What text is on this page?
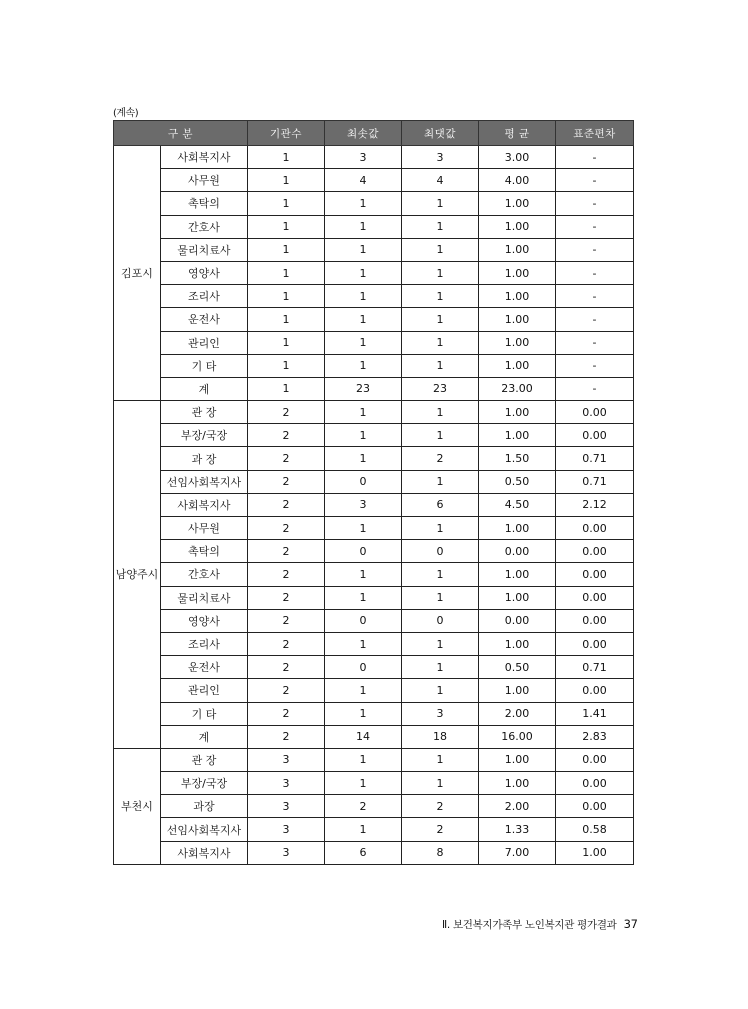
(계속)
구 분		기관수	최솟값	최댓값	평 균	표준편차
김포시	사회복지사	1	3	3	3.00	-
	사무원	1	4	4	4.00	-
	촉탁의	1	1	1	1.00	-
	간호사	1	1	1	1.00	-
	물리치료사	1	1	1	1.00	-
	영양사	1	1	1	1.00	-
	조리사	1	1	1	1.00	-
	운전사	1	1	1	1.00	-
	관리인	1	1	1	1.00	-
	기 타	1	1	1	1.00	-
	계	1	23	23	23.00	-
남양주시	관 장	2	1	1	1.00	0.00
	부장/국장	2	1	1	1.00	0.00
	과 장	2	1	2	1.50	0.71
	선임사회복지사	2	0	1	0.50	0.71
	사회복지사	2	3	6	4.50	2.12
	사무원	2	1	1	1.00	0.00
	촉탁의	2	0	0	0.00	0.00
	간호사	2	1	1	1.00	0.00
	물리치료사	2	1	1	1.00	0.00
	영양사	2	0	0	0.00	0.00
	조리사	2	1	1	1.00	0.00
	운전사	2	0	1	0.50	0.71
	관리인	2	1	1	1.00	0.00
	기 타	2	1	3	2.00	1.41
	계	2	14	18	16.00	2.83
부천시	관 장	3	1	1	1.00	0.00
	부장/국장	3	1	1	1.00	0.00
	과장	3	2	2	2.00	0.00
	선임사회복지사	3	1	2	1.33	0.58
	사회복지사	3	6	8	7.00	1.00
Ⅱ. 보건복지가족부 노인복지관 평가결과 37
